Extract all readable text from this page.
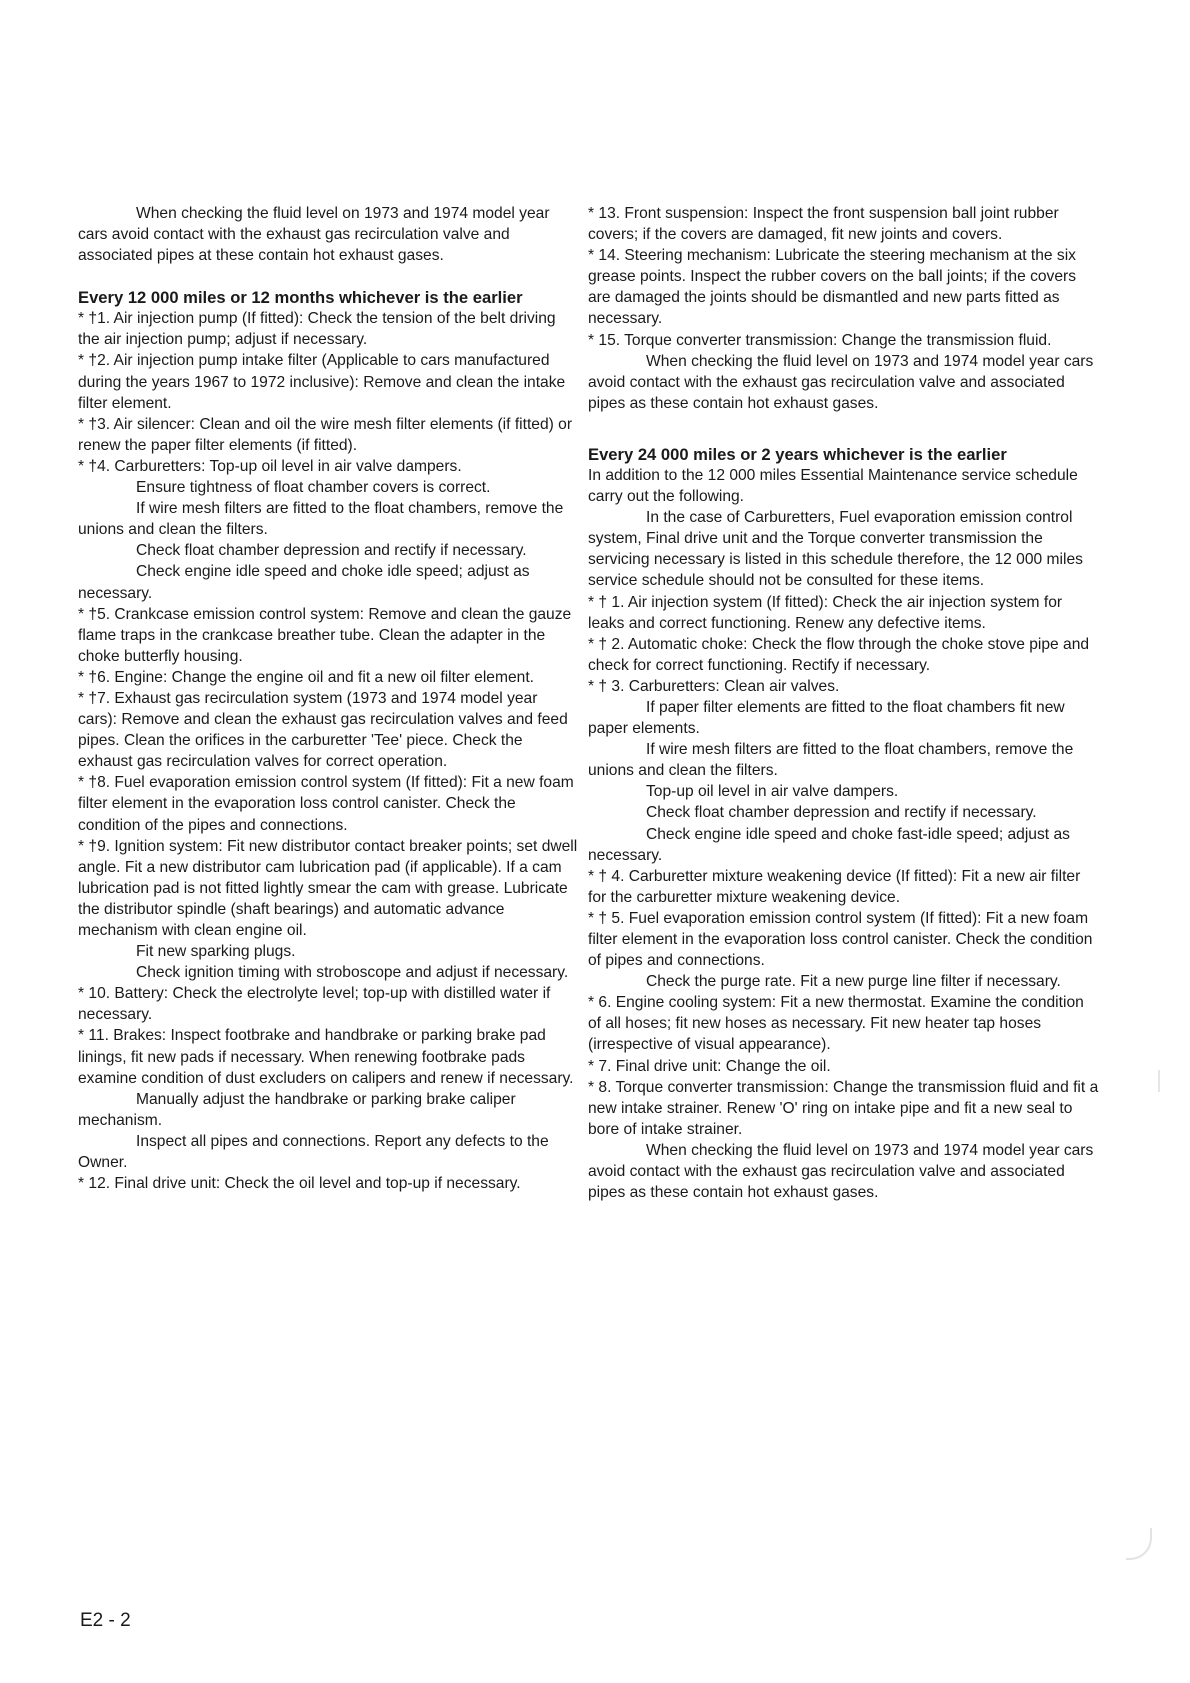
When checking the fluid level on 1973 and 1974 model year cars avoid contact with the exhaust gas recirculation valve and associated pipes at these contain hot exhaust gases.

Every 12 000 miles or 12 months whichever is the earlier

* †1. Air injection pump (If fitted): Check the tension of the belt driving the air injection pump; adjust if necessary.

* †2. Air injection pump intake filter (Applicable to cars manufactured during the years 1967 to 1972 inclusive): Remove and clean the intake filter element.

* †3. Air silencer: Clean and oil the wire mesh filter elements (if fitted) or renew the paper filter elements (if fitted).

* †4. Carburetters: Top-up oil level in air valve dampers.

Ensure tightness of float chamber covers is correct.

If wire mesh filters are fitted to the float chambers, remove the unions and clean the filters.

Check float chamber depression and rectify if necessary.

Check engine idle speed and choke idle speed; adjust as necessary.

* †5. Crankcase emission control system: Remove and clean the gauze flame traps in the crankcase breather tube. Clean the adapter in the choke butterfly housing.

* †6. Engine: Change the engine oil and fit a new oil filter element.

* †7. Exhaust gas recirculation system (1973 and 1974 model year cars): Remove and clean the exhaust gas recirculation valves and feed pipes. Clean the orifices in the carburetter 'Tee' piece. Check the exhaust gas recirculation valves for correct operation.

* †8. Fuel evaporation emission control system (If fitted): Fit a new foam filter element in the evaporation loss control canister. Check the condition of the pipes and connections.

* †9. Ignition system: Fit new distributor contact breaker points; set dwell angle. Fit a new distributor cam lubrication pad (if applicable). If a cam lubrication pad is not fitted lightly smear the cam with grease. Lubricate the distributor spindle (shaft bearings) and automatic advance mechanism with clean engine oil.

Fit new sparking plugs.

Check ignition timing with stroboscope and adjust if necessary.

* 10. Battery: Check the electrolyte level; top-up with distilled water if necessary.

* 11. Brakes: Inspect footbrake and handbrake or parking brake pad linings, fit new pads if necessary. When renewing footbrake pads examine condition of dust excluders on calipers and renew if necessary.

Manually adjust the handbrake or parking brake caliper mechanism.

Inspect all pipes and connections. Report any defects to the Owner.

* 12. Final drive unit: Check the oil level and top-up if necessary.

* 13. Front suspension: Inspect the front suspension ball joint rubber covers; if the covers are damaged, fit new joints and covers.

* 14. Steering mechanism: Lubricate the steering mechanism at the six grease points. Inspect the rubber covers on the ball joints; if the covers are damaged the joints should be dismantled and new parts fitted as necessary.

* 15. Torque converter transmission: Change the transmission fluid.

When checking the fluid level on 1973 and 1974 model year cars avoid contact with the exhaust gas recirculation valve and associated pipes as these contain hot exhaust gases.

Every 24 000 miles or 2 years whichever is the earlier

In addition to the 12 000 miles Essential Maintenance service schedule carry out the following.

In the case of Carburetters, Fuel evaporation emission control system, Final drive unit and the Torque converter transmission the servicing necessary is listed in this schedule therefore, the 12 000 miles service schedule should not be consulted for these items.

* † 1. Air injection system (If fitted): Check the air injection system for leaks and correct functioning. Renew any defective items.

* † 2. Automatic choke: Check the flow through the choke stove pipe and check for correct functioning. Rectify if necessary.

* † 3. Carburetters: Clean air valves.

If paper filter elements are fitted to the float chambers fit new paper elements.

If wire mesh filters are fitted to the float chambers, remove the unions and clean the filters.

Top-up oil level in air valve dampers.

Check float chamber depression and rectify if necessary.

Check engine idle speed and choke fast-idle speed; adjust as necessary.

* † 4. Carburetter mixture weakening device (If fitted): Fit a new air filter for the carburetter mixture weakening device.

* † 5. Fuel evaporation emission control system (If fitted): Fit a new foam filter element in the evaporation loss control canister. Check the condition of pipes and connections.

Check the purge rate. Fit a new purge line filter if necessary.

* 6. Engine cooling system: Fit a new thermostat. Examine the condition of all hoses; fit new hoses as necessary. Fit new heater tap hoses (irrespective of visual appearance).

* 7. Final drive unit: Change the oil.

* 8. Torque converter transmission: Change the transmission fluid and fit a new intake strainer. Renew 'O' ring on intake pipe and fit a new seal to bore of intake strainer.

When checking the fluid level on 1973 and 1974 model year cars avoid contact with the exhaust gas recirculation valve and associated pipes as these contain hot exhaust gases.

E2 - 2
